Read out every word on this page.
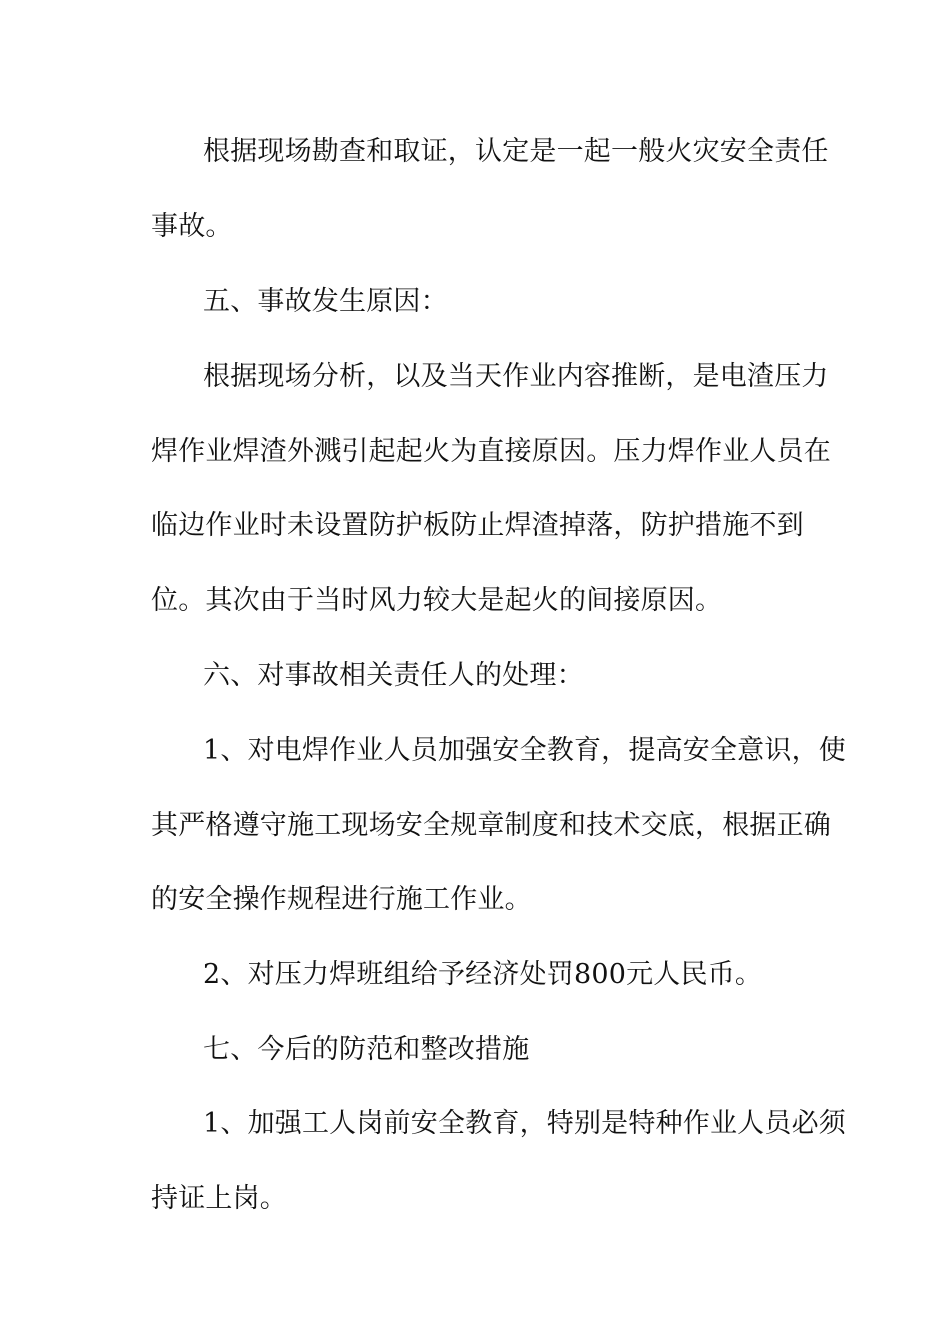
根据现场勘查和取证，认定是一起一般火灾安全责任
事故。
五、事故发生原因：
根据现场分析，以及当天作业内容推断，是电渣压力
焊作业焊渣外溅引起起火为直接原因。压力焊作业人员在
临边作业时未设置防护板防止焊渣掉落，防护措施不到
位。其次由于当时风力较大是起火的间接原因。
六、对事故相关责任人的处理：
1、对电焊作业人员加强安全教育，提高安全意识，使
其严格遵守施工现场安全规章制度和技术交底，根据正确
的安全操作规程进行施工作业。
2、对压力焊班组给予经济处罚800元人民币。
七、今后的防范和整改措施
1、加强工人岗前安全教育，特别是特种作业人员必须
持证上岗。
